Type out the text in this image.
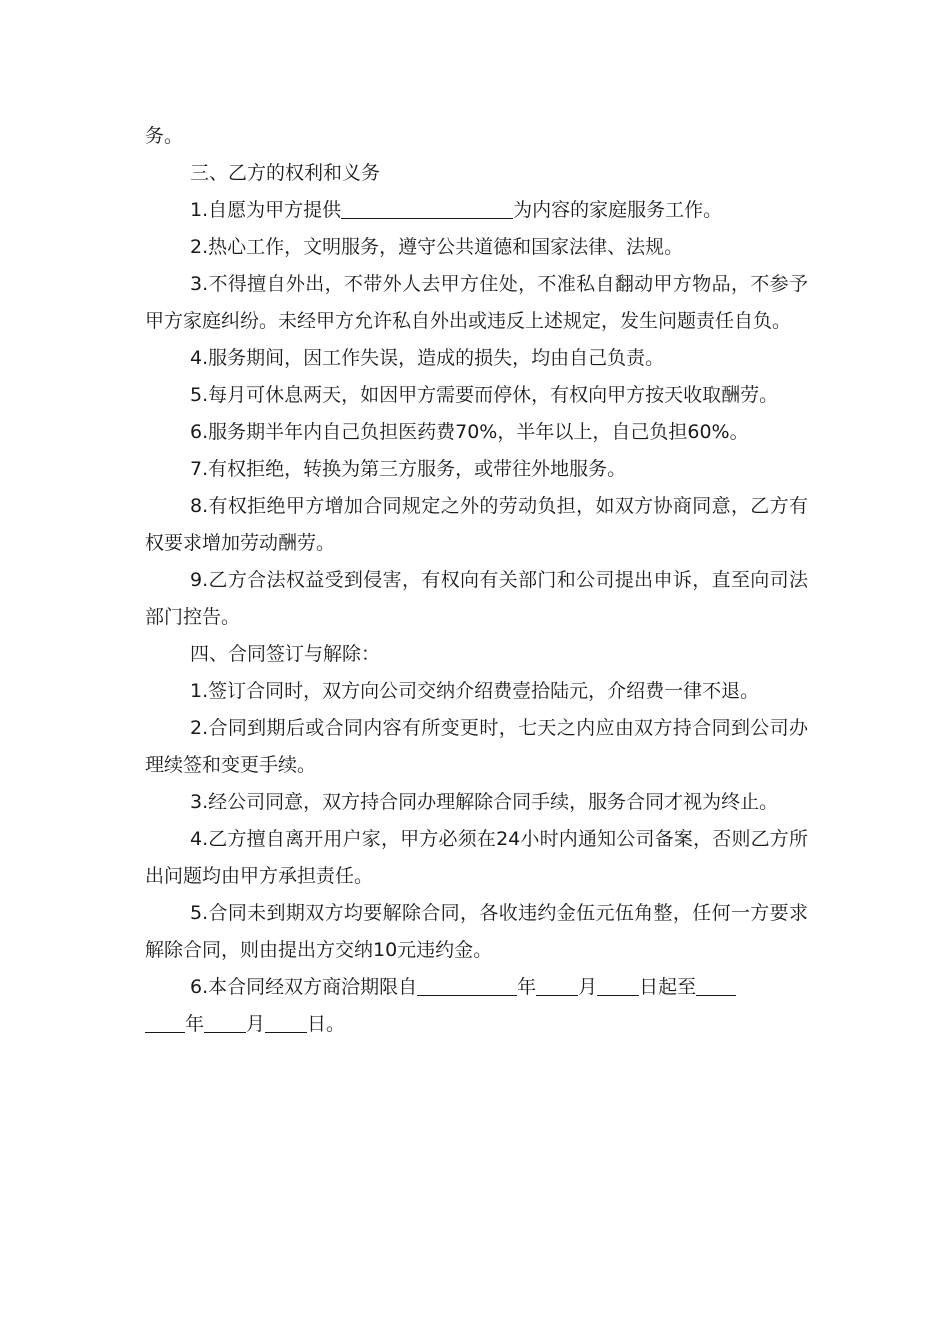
务。

三、乙方的权利和义务

1.自愿为甲方提供	为内容的家庭服务工作。

2.热心工作，文明服务，遵守公共道德和国家法律、法规。

3.不得擅自外出，不带外人去甲方住处，不准私自翻动甲方物品，不参予甲方家庭纠纷。未经甲方允许私自外出或违反上述规定，发生问题责任自负。

4.服务期间，因工作失误，造成的损失，均由自己负责。

5.每月可休息两天，如因甲方需要而停休，有权向甲方按天收取酬劳。

6.服务期半年内自己负担医药费70%，半年以上，自己负担60%。

7.有权拒绝，转换为第三方服务，或带往外地服务。

8.有权拒绝甲方增加合同规定之外的劳动负担，如双方协商同意，乙方有权要求增加劳动酬劳。

9.乙方合法权益受到侵害，有权向有关部门和公司提出申诉，直至向司法部门控告。

四、合同签订与解除：

1.签订合同时，双方向公司交纳介绍费壹拾陆元，介绍费一律不退。

2.合同到期后或合同内容有所变更时，七天之内应由双方持合同到公司办理续签和变更手续。

3.经公司同意，双方持合同办理解除合同手续，服务合同才视为终止。

4.乙方擅自离开用户家，甲方必须在24小时内通知公司备案，否则乙方所出问题均由甲方承担责任。

5.合同未到期双方均要解除合同，各收违约金伍元伍角整，任何一方要求解除合同，则由提出方交纳10元违约金。

6.本合同经双方商洽期限自	年 月 日起至
年 月 日。
